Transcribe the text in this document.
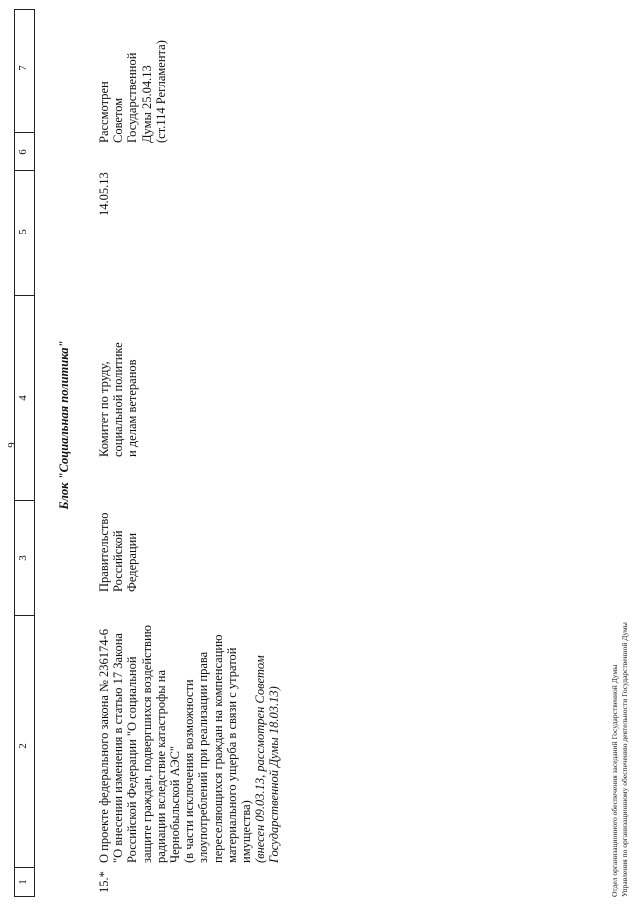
9
1
2
3
4
5
6
7
Блок "Социальная политика"
15.*
О проекте федерального закона № 236174-6 "О внесении изменения в статью 17 Закона Российской Федерации "О социальной защите граждан, подвергшихся воздействию радиации вследствие катастрофы на Чернобыльской АЭС" (в части исключения возможности злоупотреблений при реализации права переселяющихся граждан на компенсацию материального ущерба в связи с утратой имущества) (внесен 09.03.13, рассмотрен Советом Государственной Думы 18.03.13)
Правительство Российской Федерации
Комитет по труду, социальной политике и делам ветеранов
14.05.13
Рассмотрен Советом Государственной Думы 25.04.13 (ст.114 Регламента)
Отдел организационного обеспечения заседаний Государственной Думы Управления по организационному обеспечению деятельности Государственной Думы
